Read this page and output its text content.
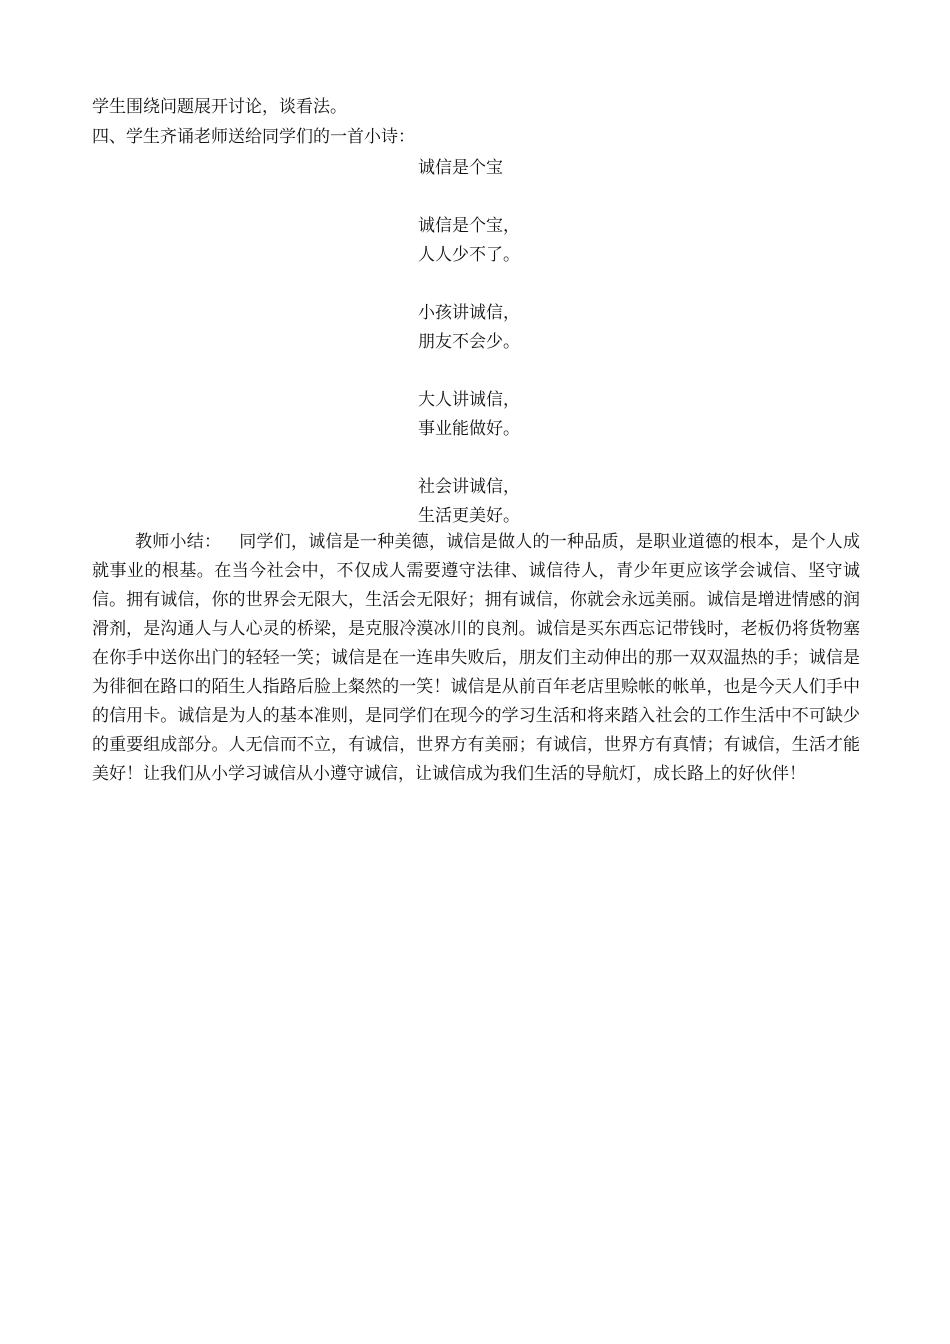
学生围绕问题展开讨论，谈看法。
四、学生齐诵老师送给同学们的一首小诗：
诚信是个宝
诚信是个宝，
人人少不了。
小孩讲诚信，
朋友不会少。
大人讲诚信，
事业能做好。
社会讲诚信，
生活更美好。

教师小结： 同学们，诚信是一种美德，诚信是做人的一种品质，是职业道德的根本，是个人成就事业的根基。在当今社会中，不仅成人需要遵守法律、诚信待人，青少年更应该学会诚信、坚守诚信。拥有诚信，你的世界会无限大，生活会无限好；拥有诚信，你就会永远美丽。诚信是增进情感的润滑剂，是沟通人与人心灵的桥梁，是克服冷漠冰川的良剂。诚信是买东西忘记带钱时，老板仍将货物塞在你手中送你出门的轻轻一笑；诚信是在一连串失败后，朋友们主动伸出的那一双双温热的手；诚信是为徘徊在路口的陌生人指路后脸上粲然的一笑！诚信是从前百年老店里赊帐的帐单，也是今天人们手中的信用卡。诚信是为人的基本准则，是同学们在现今的学习生活和将来踏入社会的工作生活中不可缺少的重要组成部分。人无信而不立，有诚信，世界方有美丽；有诚信，世界方有真情；有诚信，生活才能美好！让我们从小学习诚信从小遵守诚信，让诚信成为我们生活的导航灯，成长路上的好伙伴！
